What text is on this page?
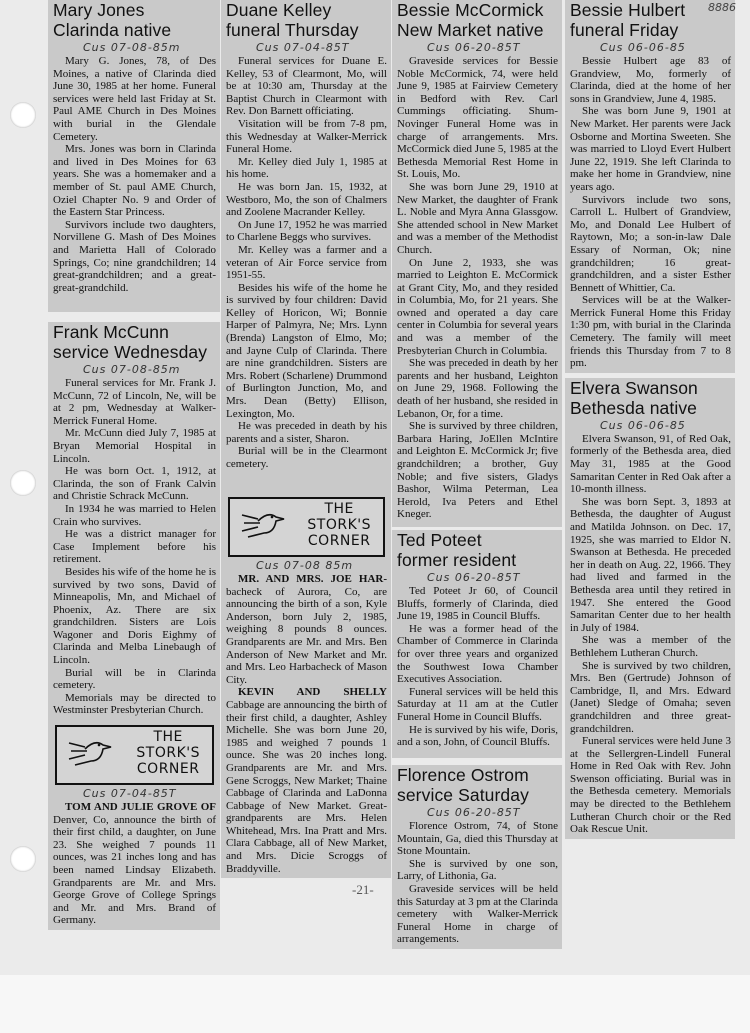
Mary Jones
Clarinda native
Cus 07-08-85m

Mary G. Jones, 78, of Des Moines, a native of Clarinda died June 30, 1985 at her home. Funeral services were held last Friday at St. Paul AME Church in Des Moines with burial in the Glendale Cemetery.

Mrs. Jones was born in Clarinda and lived in Des Moines for 63 years. She was a homemaker and a member of St. paul AME Church, Oziel Chapter No. 9 and Order of the Eastern Star Princess.

Survivors include two daughters, Norvillene G. Mash of Des Moines and Marietta Hall of Colorado Springs, Co; nine grandchildren; 14 great-grandchildren; and a great-great-grandchild.

Frank McCunn
service Wednesday
Cus 07-08-85m

Funeral services for Mr. Frank J. McCunn, 72 of Lincoln, Ne, will be at 2 pm, Wednesday at Walker-Merrick Funeral Home.

Mr. McCunn died July 7, 1985 at Bryan Memorial Hospital in Lincoln.

He was born Oct. 1, 1912, at Clarinda, the son of Frank Calvin and Christie Schrack McCunn.

In 1934 he was married to Helen Crain who survives.

He was a district manager for Case Implement before his retirement.

Besides his wife of the home he is survived by two sons, David of Minneapolis, Mn, and Michael of Phoenix, Az. There are six grandchildren. Sisters are Lois Wagoner and Doris Eighmy of Clarinda and Melba Linebaugh of Lincoln.

Burial will be in Clarinda cemetery.

Memorials may be directed to Westminster Presbyterian Church.

THE
STORK'S
CORNER
Cus 07-04-85T

TOM AND JULIE GROVE OF Denver, Co, announce the birth of their first child, a daughter, on June 23. She weighed 7 pounds 11 ounces, was 21 inches long and has been named Lindsay Elizabeth. Grandparents are Mr. and Mrs. George Grove of College Springs and Mr. and Mrs. Brand of Germany.

Duane Kelley
funeral Thursday
Cus 07-04-85T

Funeral services for Duane E. Kelley, 53 of Clearmont, Mo, will be at 10:30 am, Thursday at the Baptist Church in Clearmont with Rev. Don Barnett officiating.

Visitation will be from 7-8 pm, this Wednesday at Walker-Merrick Funeral Home.

Mr. Kelley died July 1, 1985 at his home.

He was born Jan. 15, 1932, at Westboro, Mo, the son of Chalmers and Zoolene Macrander Kelley.

On June 17, 1952 he was married to Charlene Beggs who survives.

Mr. Kelley was a farmer and a veteran of Air Force service from 1951-55.

Besides his wife of the home he is survived by four children: David Kelley of Horicon, Wi; Bonnie Harper of Palmyra, Ne; Mrs. Lynn (Brenda) Langston of Elmo, Mo; and Jayne Culp of Clarinda. There are nine grandchildren. Sisters are Mrs. Robert (Scharlene) Drummond of Burlington Junction, Mo, and Mrs. Dean (Betty) Ellison, Lexington, Mo.

He was preceded in death by his parents and a sister, Sharon.

Burial will be in the Clearmont cemetery.

THE
STORK'S
CORNER
Cus 07-08 85m

MR. AND MRS. JOE HAR- bacheck of Aurora, Co, are announcing the birth of a son, Kyle Anderson, born July 2, 1985, weighing 8 pounds 8 ounces. Grandparents are Mr. and Mrs. Ben Anderson of New Market and Mr. and Mrs. Leo Harbacheck of Mason City.

KEVIN AND SHELLY Cabbage are announcing the birth of their first child, a daughter, Ashley Michelle. She was born June 20, 1985 and weighed 7 pounds 1 ounce. She was 20 inches long. Grandparents are Mr. and Mrs. Gene Scroggs, New Market; Thaine Cabbage of Clarinda and LaDonna Cabbage of New Market. Great-grandparents are Mrs. Helen Whitehead, Mrs. Ina Pratt and Mrs. Clara Cabbage, all of New Market, and Mrs. Dicie Scroggs of Braddyville.

Bessie McCormick
New Market native
Cus 06-20-85T

Graveside services for Bessie Noble McCormick, 74, were held June 9, 1985 at Fairview Cemetery in Bedford with Rev. Carl Cummings officiating. Shum-Novinger Funeral Home was in charge of arrangements. Mrs. McCormick died June 5, 1985 at the Bethesda Memorial Rest Home in St. Louis, Mo.

She was born June 29, 1910 at New Market, the daughter of Frank L. Noble and Myra Anna Glassgow. She attended school in New Market and was a member of the Methodist Church.

On June 2, 1933, she was married to Leighton E. McCormick at Grant City, Mo, and they resided in Columbia, Mo, for 21 years. She owned and operated a day care center in Columbia for several years and was a member of the Presbyterian Church in Columbia.

She was preceded in death by her parents and her husband, Leighton on June 29, 1968. Following the death of her husband, she resided in Lebanon, Or, for a time.

She is survived by three children, Barbara Haring, JoEllen McIntire and Leighton E. McCormick Jr; five grandchildren; a brother, Guy Noble; and five sisters, Gladys Bashor, Wilma Peterman, Lea Herold, Iva Peters and Ethel Kneger.

Ted Poteet
former resident
Cus 06-20-85T

Ted Poteet Jr 60, of Council Bluffs, formerly of Clarinda, died June 19, 1985 in Council Bluffs.

He was a former head of the Chamber of Commerce in Clarinda for over three years and organized the Southwest Iowa Chamber Executives Association.

Funeral services will be held this Saturday at 11 am at the Cutler Funeral Home in Council Bluffs.

He is survived by his wife, Doris, and a son, John, of Council Bluffs.

Florence Ostrom
service Saturday
Cus 06-20-85T

Florence Ostrom, 74, of Stone Mountain, Ga, died this Thursday at Stone Mountain.

She is survived by one son, Larry, of Lithonia, Ga.

Graveside services will be held this Saturday at 3 pm at the Clarinda cemetery with Walker-Merrick Funeral Home in charge of arrangements.

Bessie Hulbert
funeral Friday
Cus 06-06-85

Bessie Hulbert age 83 of Grandview, Mo, formerly of Clarinda, died at the home of her sons in Grandview, June 4, 1985.

She was born June 9, 1901 at New Market. Her parents were Jack Osborne and Mortina Sweeten. She was married to Lloyd Evert Hulbert June 22, 1919. She left Clarinda to make her home in Grandview, nine years ago.

Survivors include two sons, Carroll L. Hulbert of Grandview, Mo, and Donald Lee Hulbert of Raytown, Mo; a son-in-law Dale Essary of Norman, Ok; nine grandchildren; 16 great-grandchildren, and a sister Esther Bennett of Whittier, Ca.

Services will be at the Walker-Merrick Funeral Home this Friday 1:30 pm, with burial in the Clarinda Cemetery. The family will meet friends this Thursday from 7 to 8 pm.

Elvera Swanson
Bethesda native
Cus 06-06-85

Elvera Swanson, 91, of Red Oak, formerly of the Bethesda area, died May 31, 1985 at the Good Samaritan Center in Red Oak after a 10-month illness.

She was born Sept. 3, 1893 at Bethesda, the daughter of August and Matilda Johnson. on Dec. 17, 1925, she was married to Eldor N. Swanson at Bethesda. He preceded her in death on Aug. 22, 1966. They had lived and farmed in the Bethesda area until they retired in 1947. She entered the Good Samaritan Center due to her health in July of 1984.

She was a member of the Bethlehem Lutheran Church.

She is survived by two children, Mrs. Ben (Gertrude) Johnson of Cambridge, Il, and Mrs. Edward (Janet) Sledge of Omaha; seven grandchildren and three great-grandchildren.

Funeral services were held June 3 at the Sellergren-Lindell Funeral Home in Red Oak with Rev. John Swenson officiating. Burial was in the Bethesda cemetery. Memorials may be directed to the Bethlehem Lutheran Church choir or the Red Oak Rescue Unit.

8886
-21-
